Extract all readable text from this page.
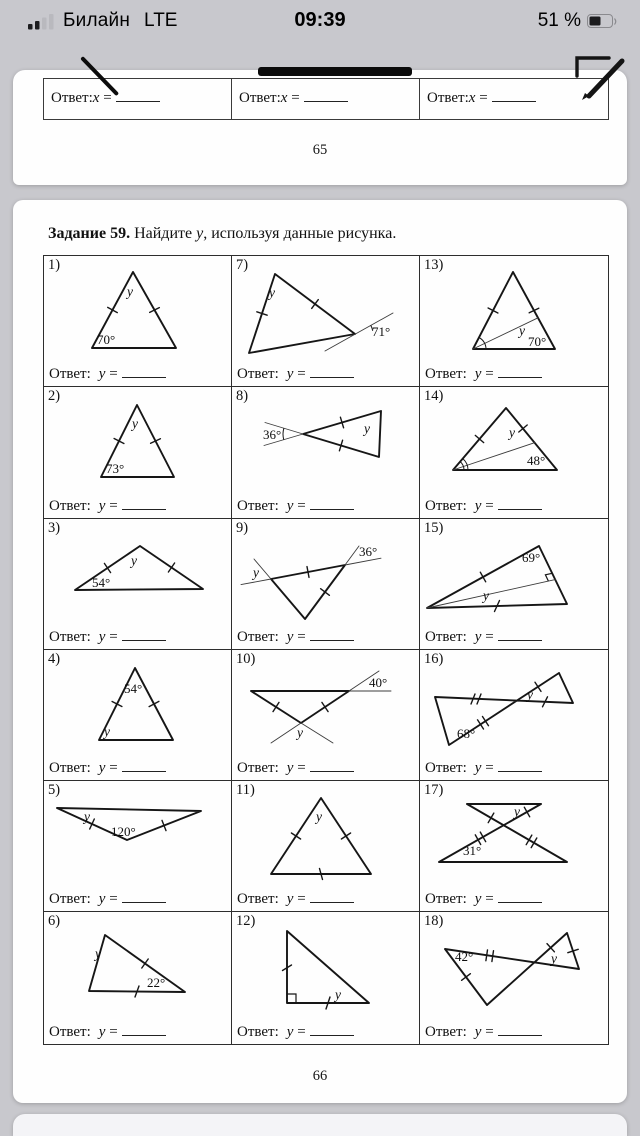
Билайн LTE	09:39	51 %
Ответ:x =	Ответ:x =	Ответ:x =
65
Задание 59. Найдите y, используя данные рисунка.
1)
y
70°
Ответ: y =
7)
y
71°
Ответ: y =
13)
y
70°
Ответ: y =
2)
y
73°
Ответ: y =
8)
36°	y
Ответ: y =
14)
y
48°
Ответ: y =
3)
y
54°
Ответ: y =
9)
y
36°
Ответ: y =
15)
69°
y
Ответ: y =
4)
54°
y
Ответ: y =
10)
40°
y
Ответ: y =
16)
y
68°
Ответ: y =
5)
y
120°
Ответ: y =
11)
y
Ответ: y =
17)
y
31°
Ответ: y =
6)
y
22°
Ответ: y =
12)
y
Ответ: y =
18)
42°	y
Ответ: y =
66
